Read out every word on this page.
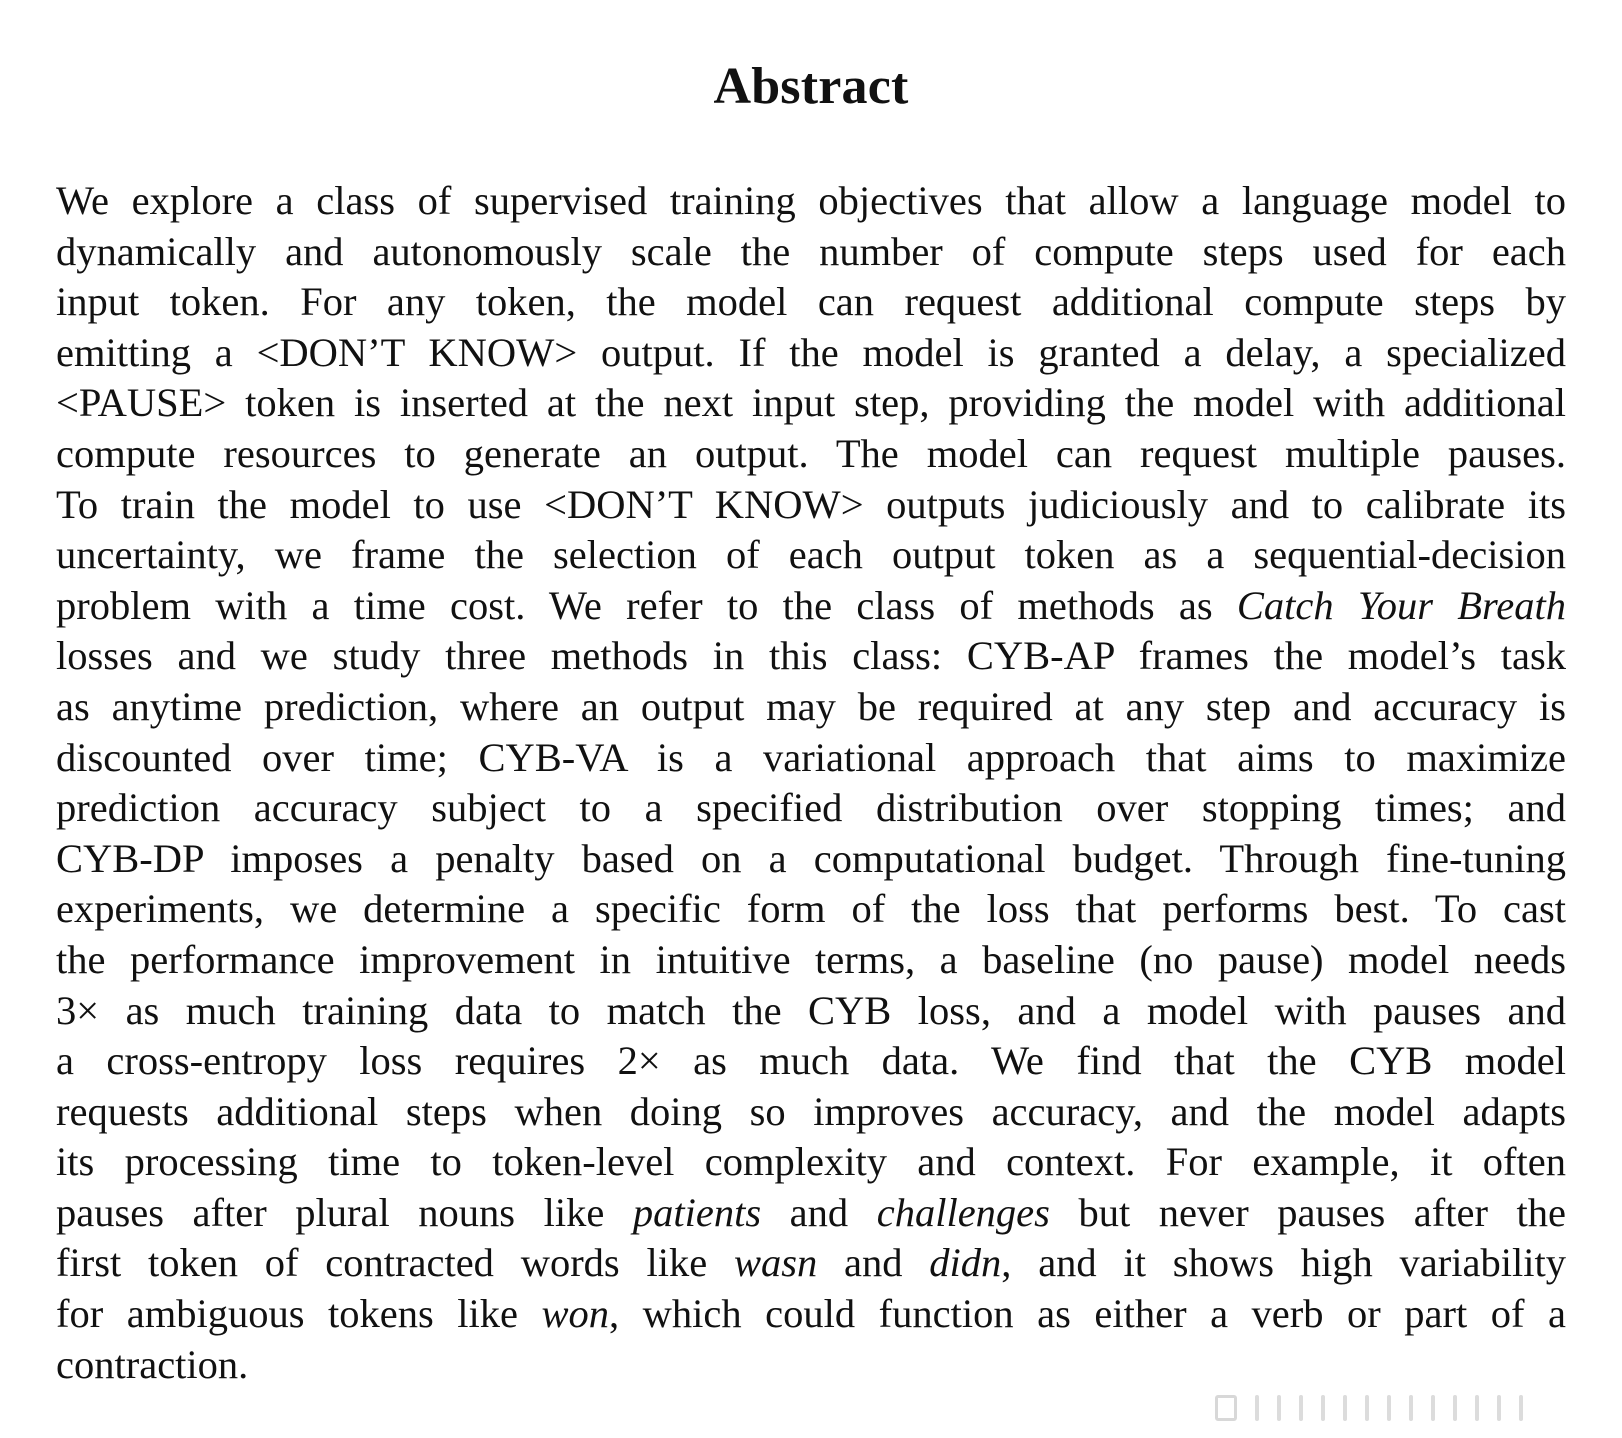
Abstract
We explore a class of supervised training objectives that allow a language model to
dynamically and autonomously scale the number of compute steps used for each
input token. For any token, the model can request additional compute steps by
emitting a <DON’T KNOW> output. If the model is granted a delay, a specialized
<PAUSE> token is inserted at the next input step, providing the model with additional
compute resources to generate an output. The model can request multiple pauses.
To train the model to use <DON’T KNOW> outputs judiciously and to calibrate its
uncertainty, we frame the selection of each output token as a sequential-decision
problem with a time cost. We refer to the class of methods as Catch Your Breath
losses and we study three methods in this class: CYB-AP frames the model’s task
as anytime prediction, where an output may be required at any step and accuracy is
discounted over time; CYB-VA is a variational approach that aims to maximize
prediction accuracy subject to a specified distribution over stopping times; and
CYB-DP imposes a penalty based on a computational budget. Through fine-tuning
experiments, we determine a specific form of the loss that performs best. To cast
the performance improvement in intuitive terms, a baseline (no pause) model needs
3× as much training data to match the CYB loss, and a model with pauses and
a cross-entropy loss requires 2× as much data. We find that the CYB model
requests additional steps when doing so improves accuracy, and the model adapts
its processing time to token-level complexity and context. For example, it often
pauses after plural nouns like patients and challenges but never pauses after the
first token of contracted words like wasn and didn, and it shows high variability
for ambiguous tokens like won, which could function as either a verb or part of a
contraction.
